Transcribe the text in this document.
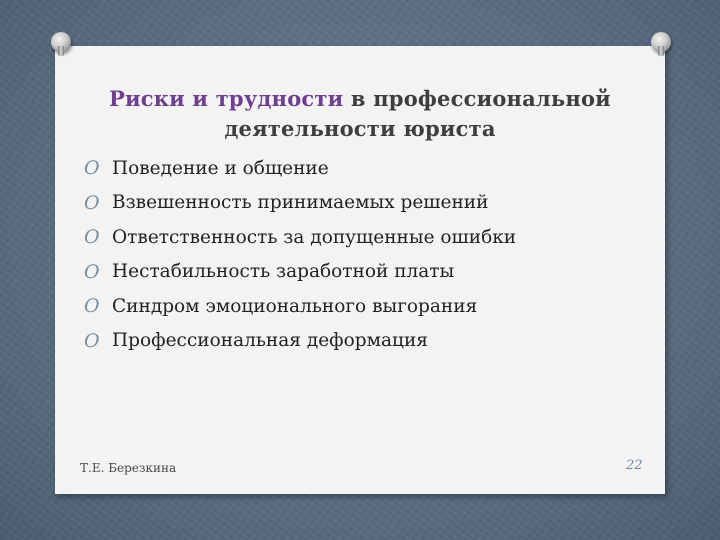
Риски и трудности в профессиональной
деятельности юриста
O Поведение и общение
O Взвешенность принимаемых решений
O Ответственность за допущенные ошибки
O Нестабильность заработной платы
O Синдром эмоционального выгорания
O Профессиональная деформация
Т.Е. Березкина	22
